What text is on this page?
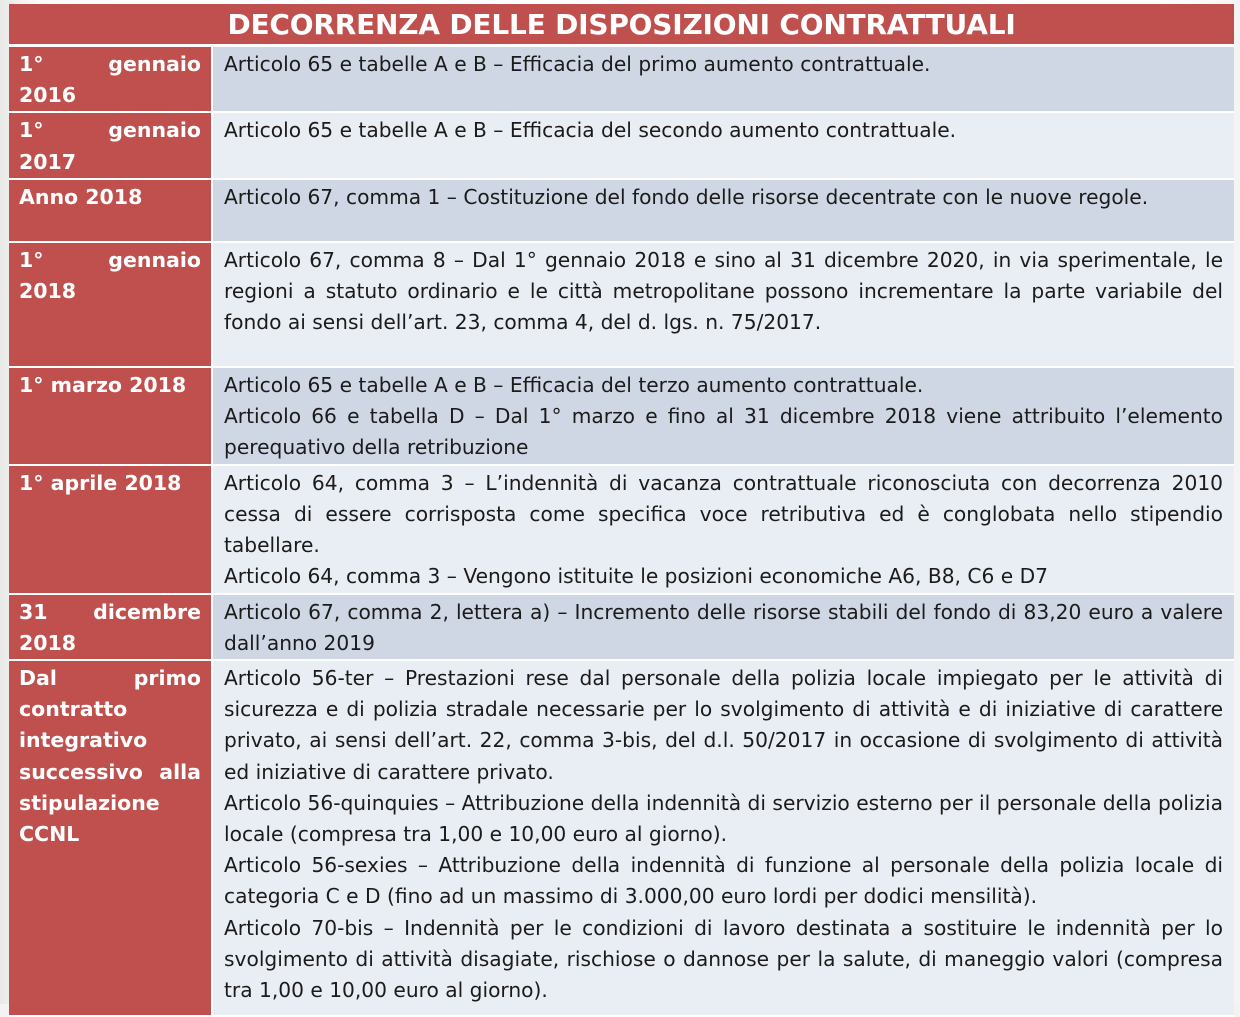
DECORRENZA DELLE DISPOSIZIONI CONTRATTUALI	

1° gennaio 2016	Articolo 65 e tabelle A e B – Efficacia del primo aumento contrattuale.

1° gennaio 2017	Articolo 65 e tabelle A e B – Efficacia del secondo aumento contrattuale.

Anno 2018	Articolo 67, comma 1 – Costituzione del fondo delle risorse decentrate con le nuove regole.

1° gennaio 2018	Articolo 67, comma 8 – Dal 1° gennaio 2018 e sino al 31 dicembre 2020, in via sperimentale, le regioni a statuto ordinario e le città metropolitane possono incrementare la parte variabile del fondo ai sensi dell’art. 23, comma 4, del d. lgs. n. 75/2017.

1° marzo 2018	Articolo 65 e tabelle A e B – Efficacia del terzo aumento contrattuale.
Articolo 66 e tabella D – Dal 1° marzo e fino al 31 dicembre 2018 viene attribuito l’elemento perequativo della retribuzione

1° aprile 2018	Articolo 64, comma 3 – L’indennità di vacanza contrattuale riconosciuta con decorrenza 2010 cessa di essere corrisposta come specifica voce retributiva ed è conglobata nello stipendio tabellare.
Articolo 64, comma 3 – Vengono istituite le posizioni economiche A6, B8, C6 e D7

31 dicembre 2018	Articolo 67, comma 2, lettera a) – Incremento delle risorse stabili del fondo di 83,20 euro a valere dall’anno 2019

Dal primo contratto integrativo successivo alla stipulazione CCNL	Articolo 56-ter – Prestazioni rese dal personale della polizia locale impiegato per le attività di sicurezza e di polizia stradale necessarie per lo svolgimento di attività e di iniziative di carattere privato, ai sensi dell’art. 22, comma 3-bis, del d.l. 50/2017 in occasione di svolgimento di attività ed iniziative di carattere privato.
Articolo 56-quinquies – Attribuzione della indennità di servizio esterno per il personale della polizia locale (compresa tra 1,00 e 10,00 euro al giorno).
Articolo 56-sexies – Attribuzione della indennità di funzione al personale della polizia locale di categoria C e D (fino ad un massimo di 3.000,00 euro lordi per dodici mensilità).
Articolo 70-bis – Indennità per le condizioni di lavoro destinata a sostituire le indennità per lo svolgimento di attività disagiate, rischiose o dannose per la salute, di maneggio valori (compresa tra 1,00 e 10,00 euro al giorno).
